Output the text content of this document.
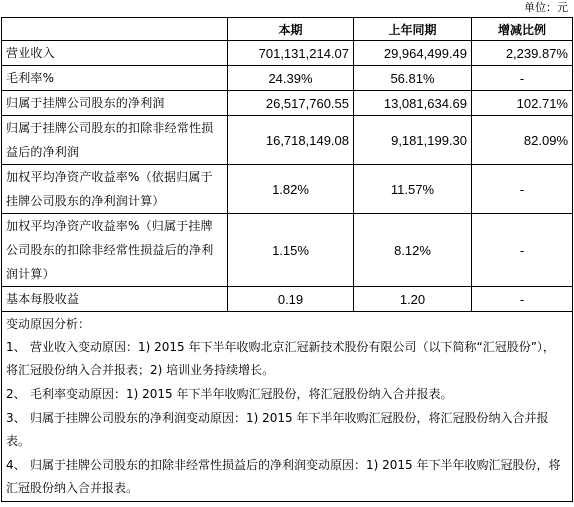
单位：元
	本期	上年同期	增减比例
营业收入	701,131,214.07	29,964,499.49	2,239.87%
毛利率%	24.39%	56.81%	-
归属于挂牌公司股东的净利润	26,517,760.55	13,081,634.69	102.71%
归属于挂牌公司股东的扣除非经常性损益后的净利润	16,718,149.08	9,181,199.30	82.09%
加权平均净资产收益率%（依据归属于挂牌公司股东的净利润计算）	1.82%	11.57%	-
加权平均净资产收益率%（归属于挂牌公司股东的扣除非经常性损益后的净利润计算）	1.15%	8.12%	-
基本每股收益	0.19	1.20	-

变动原因分析：
1、 营业收入变动原因：1) 2015 年下半年收购北京汇冠新技术股份有限公司（以下简称“汇冠股份”），将汇冠股份纳入合并报表；2) 培训业务持续增长。
2、 毛利率变动原因：1) 2015 年下半年收购汇冠股份，将汇冠股份纳入合并报表。
3、 归属于挂牌公司股东的净利润变动原因：1) 2015 年下半年收购汇冠股份，将汇冠股份纳入合并报表。
4、 归属于挂牌公司股东的扣除非经常性损益后的净利润变动原因：1) 2015 年下半年收购汇冠股份，将汇冠股份纳入合并报表。			
